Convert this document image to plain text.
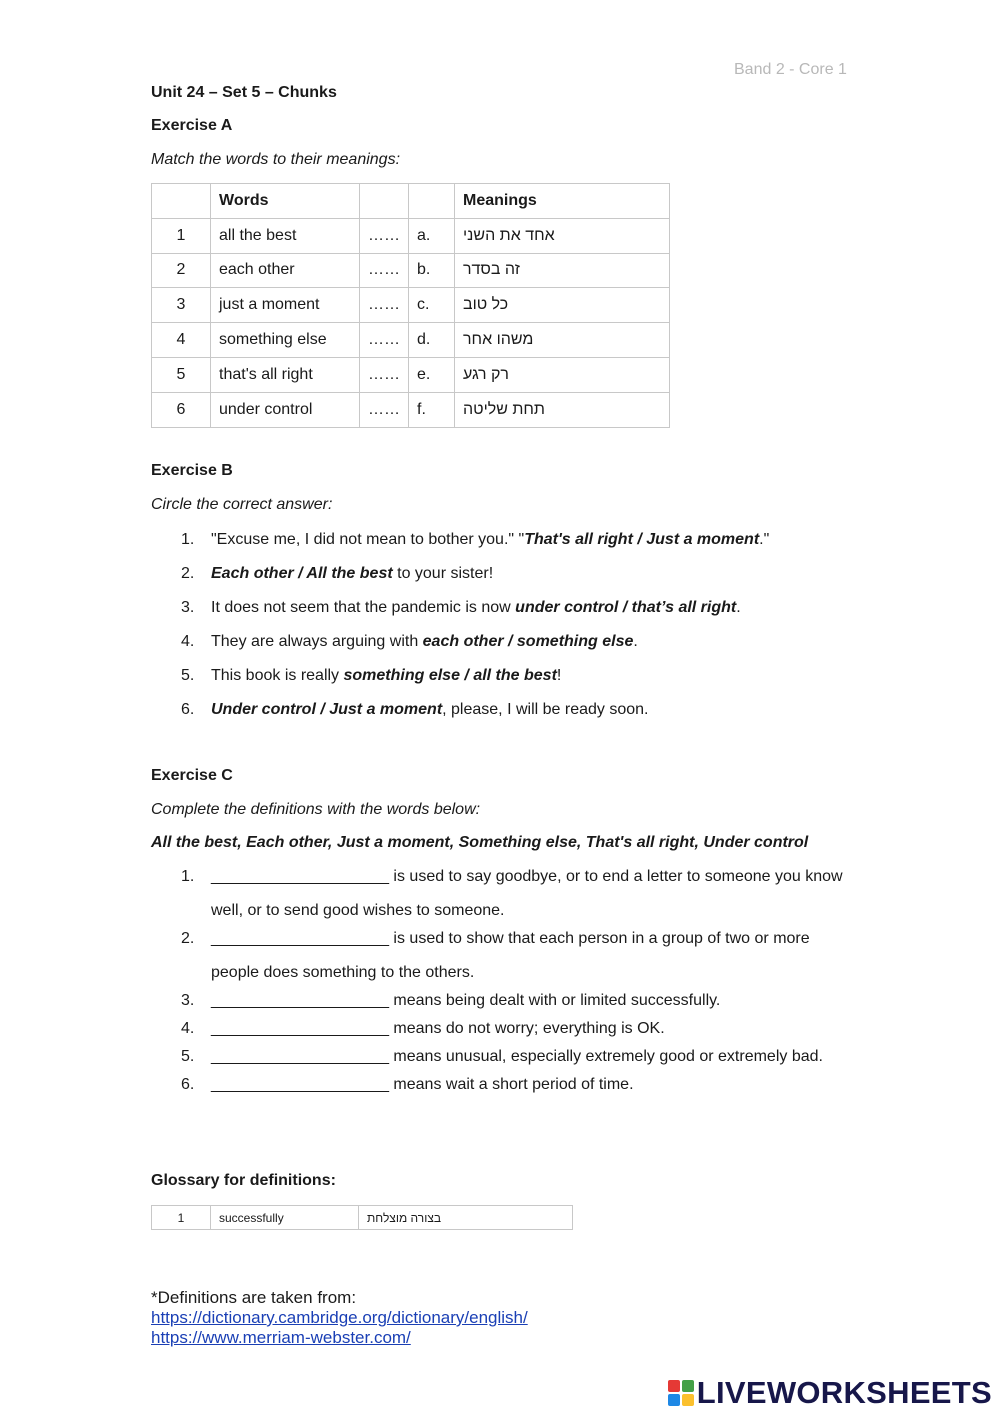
Band 2 - Core 1
Unit 24 – Set 5 – Chunks
Exercise A
Match the words to their meanings:
	Words			Meanings
1	all the best	……	a.	אחד את השני
2	each other	……	b.	זה בסדר
3	just a moment	……	c.	כל טוב
4	something else	……	d.	משהו אחר
5	that's all right	……	e.	רק רגע
6	under control	……	f.	תחת שליטה
Exercise B
Circle the correct answer:
1. "Excuse me, I did not mean to bother you." "That's all right / Just a moment."
2. Each other / All the best to your sister!
3. It does not seem that the pandemic is now under control / that’s all right.
4. They are always arguing with each other / something else.
5. This book is really something else / all the best!
6. Under control / Just a moment, please, I will be ready soon.
Exercise C
Complete the definitions with the words below:
All the best, Each other, Just a moment, Something else, That's all right, Under control
1. ____________________ is used to say goodbye, or to end a letter to someone you know well, or to send good wishes to someone.
2. ____________________ is used to show that each person in a group of two or more people does something to the others.
3. ____________________ means being dealt with or limited successfully.
4. ____________________ means do not worry; everything is OK.
5. ____________________ means unusual, especially extremely good or extremely bad.
6. ____________________ means wait a short period of time.
Glossary for definitions:
1	successfully	בצורה מוצלחת
*Definitions are taken from:
https://dictionary.cambridge.org/dictionary/english/
https://www.merriam-webster.com/
LIVEWORKSHEETS
